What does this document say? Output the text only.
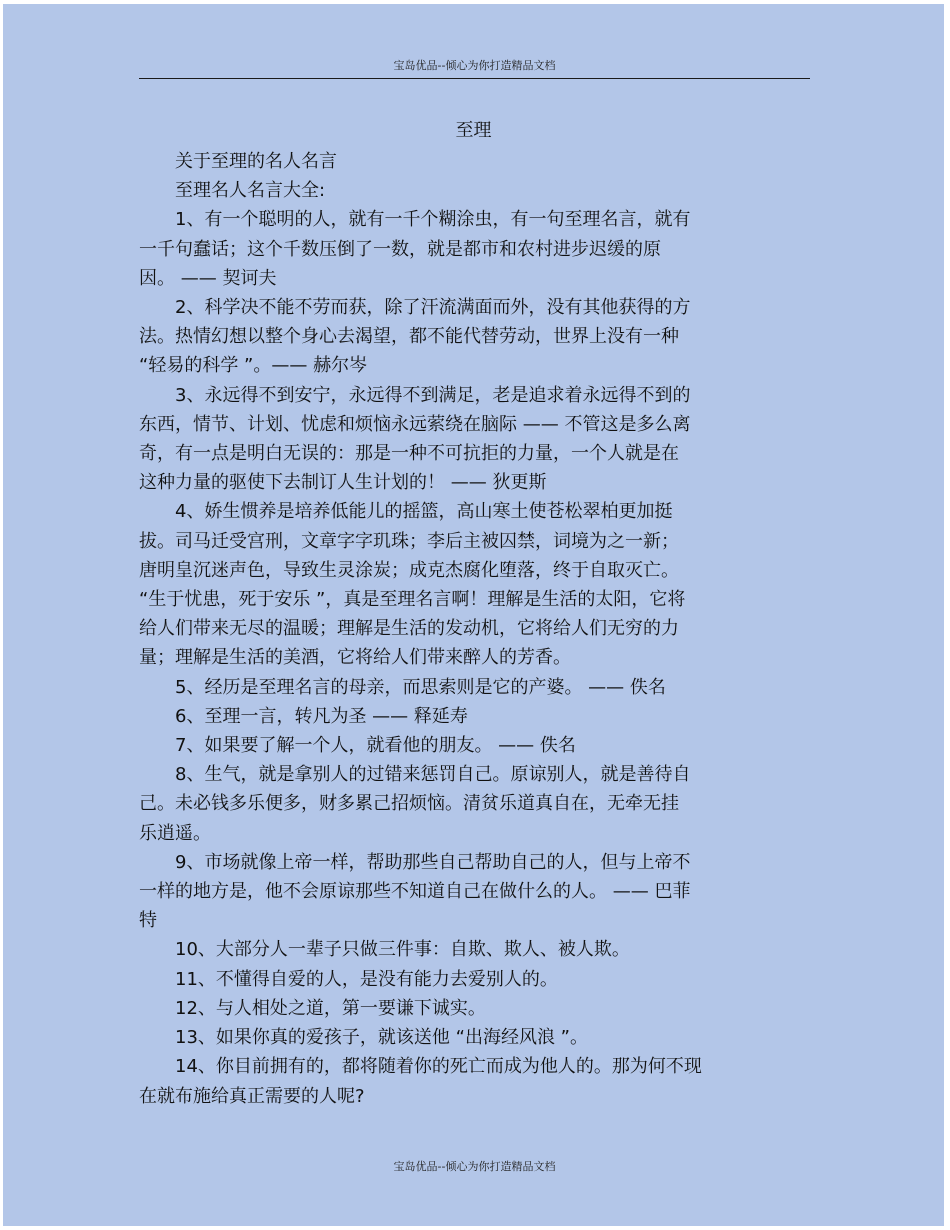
宝岛优品--倾心为你打造精品文档
至理

关于至理的名人名言

至理名人名言大全:

1、有一个聪明的人，就有一千个糊涂虫，有一句至理名言，就有
一千句蠢话；这个千数压倒了一数，就是都市和农村进步迟缓的原
因。 —— 契诃夫

2、科学决不能不劳而获，除了汗流满面而外，没有其他获得的方
法。热情幻想以整个身心去渴望，都不能代替劳动，世界上没有一种
“轻易的科学 ”。—— 赫尔岑

3、永远得不到安宁，永远得不到满足，老是追求着永远得不到的
东西，情节、计划、忧虑和烦恼永远萦绕在脑际 —— 不管这是多么离
奇，有一点是明白无误的：那是一种不可抗拒的力量，一个人就是在
这种力量的驱使下去制订人生计划的！ —— 狄更斯

4、娇生惯养是培养低能儿的摇篮，高山寒土使苍松翠柏更加挺
拔。司马迁受宫刑，文章字字玑珠；李后主被囚禁，词境为之一新；
唐明皇沉迷声色，导致生灵涂炭；成克杰腐化堕落，终于自取灭亡。
“生于忧患，死于安乐 ”，真是至理名言啊！理解是生活的太阳，它将
给人们带来无尽的温暖；理解是生活的发动机，它将给人们无穷的力
量；理解是生活的美酒，它将给人们带来醉人的芳香。

5、经历是至理名言的母亲，而思索则是它的产婆。 —— 佚名

6、至理一言，转凡为圣 —— 释延寿

7、如果要了解一个人，就看他的朋友。 —— 佚名

8、生气，就是拿别人的过错来惩罚自己。原谅别人，就是善待自
己。未必钱多乐便多，财多累己招烦恼。清贫乐道真自在，无牵无挂
乐逍遥。

9、市场就像上帝一样，帮助那些自己帮助自己的人，但与上帝不
一样的地方是，他不会原谅那些不知道自己在做什么的人。 —— 巴菲
特

10、大部分人一辈子只做三件事：自欺、欺人、被人欺。

11、不懂得自爱的人，是没有能力去爱别人的。

12、与人相处之道，第一要谦下诚实。

13、如果你真的爱孩子，就该送他 “出海经风浪 ”。

14、你目前拥有的，都将随着你的死亡而成为他人的。那为何不现
在就布施给真正需要的人呢?

宝岛优品--倾心为你打造精品文档
